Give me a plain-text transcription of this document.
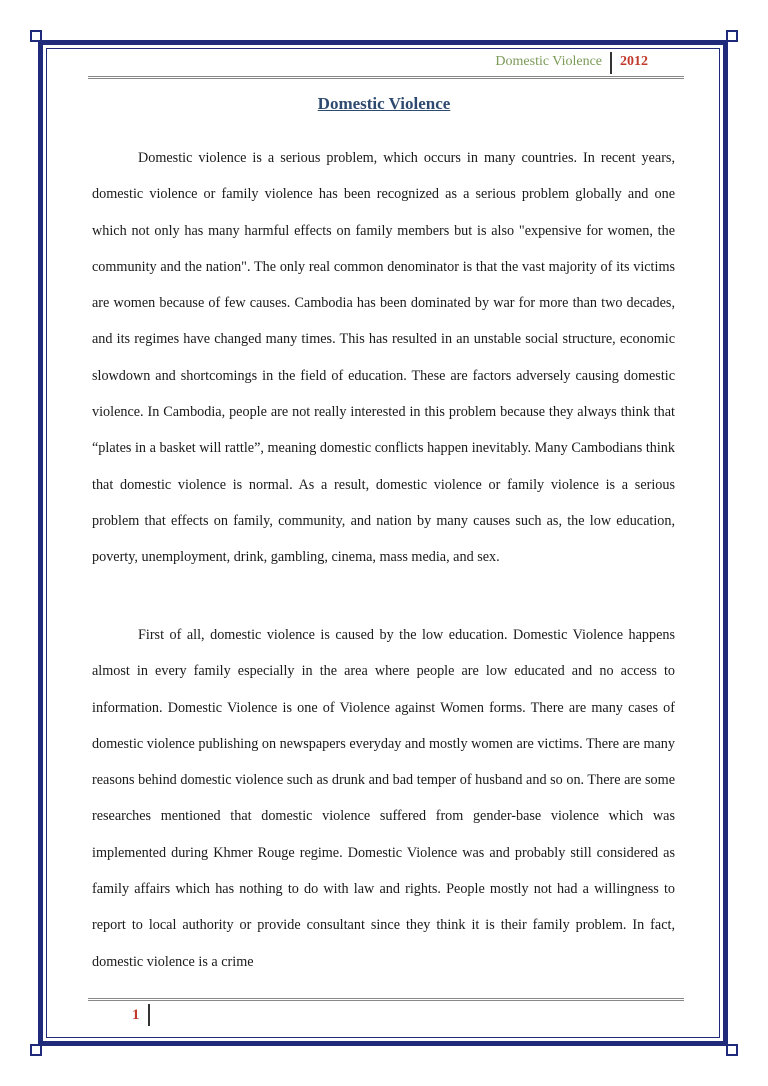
Domestic Violence	2012
Domestic Violence

Domestic violence is a serious problem, which occurs in many countries. In recent years, domestic violence or family violence has been recognized as a serious problem globally and one which not only has many harmful effects on family members but is also "expensive for women, the community and the nation". The only real common denominator is that the vast majority of its victims are women because of few causes. Cambodia has been dominated by war for more than two decades, and its regimes have changed many times. This has resulted in an unstable social structure, economic slowdown and shortcomings in the field of education. These are factors adversely causing domestic violence. In Cambodia, people are not really interested in this problem because they always think that “plates in a basket will rattle”, meaning domestic conflicts happen inevitably. Many Cambodians think that domestic violence is normal. As a result, domestic violence or family violence is a serious problem that effects on family, community, and nation by many causes such as, the low education, poverty, unemployment, drink, gambling, cinema, mass media, and sex.

First of all, domestic violence is caused by the low education. Domestic Violence happens almost in every family especially in the area where people are low educated and no access to information. Domestic Violence is one of Violence against Women forms. There are many cases of domestic violence publishing on newspapers everyday and mostly women are victims. There are many reasons behind domestic violence such as drunk and bad temper of husband and so on. There are some researches mentioned that domestic violence suffered from gender-base violence which was implemented during Khmer Rouge regime. Domestic Violence was and probably still considered as family affairs which has nothing to do with law and rights. People mostly not had a willingness to report to local authority or provide consultant since they think it is their family problem. In fact, domestic violence is a crime

1
